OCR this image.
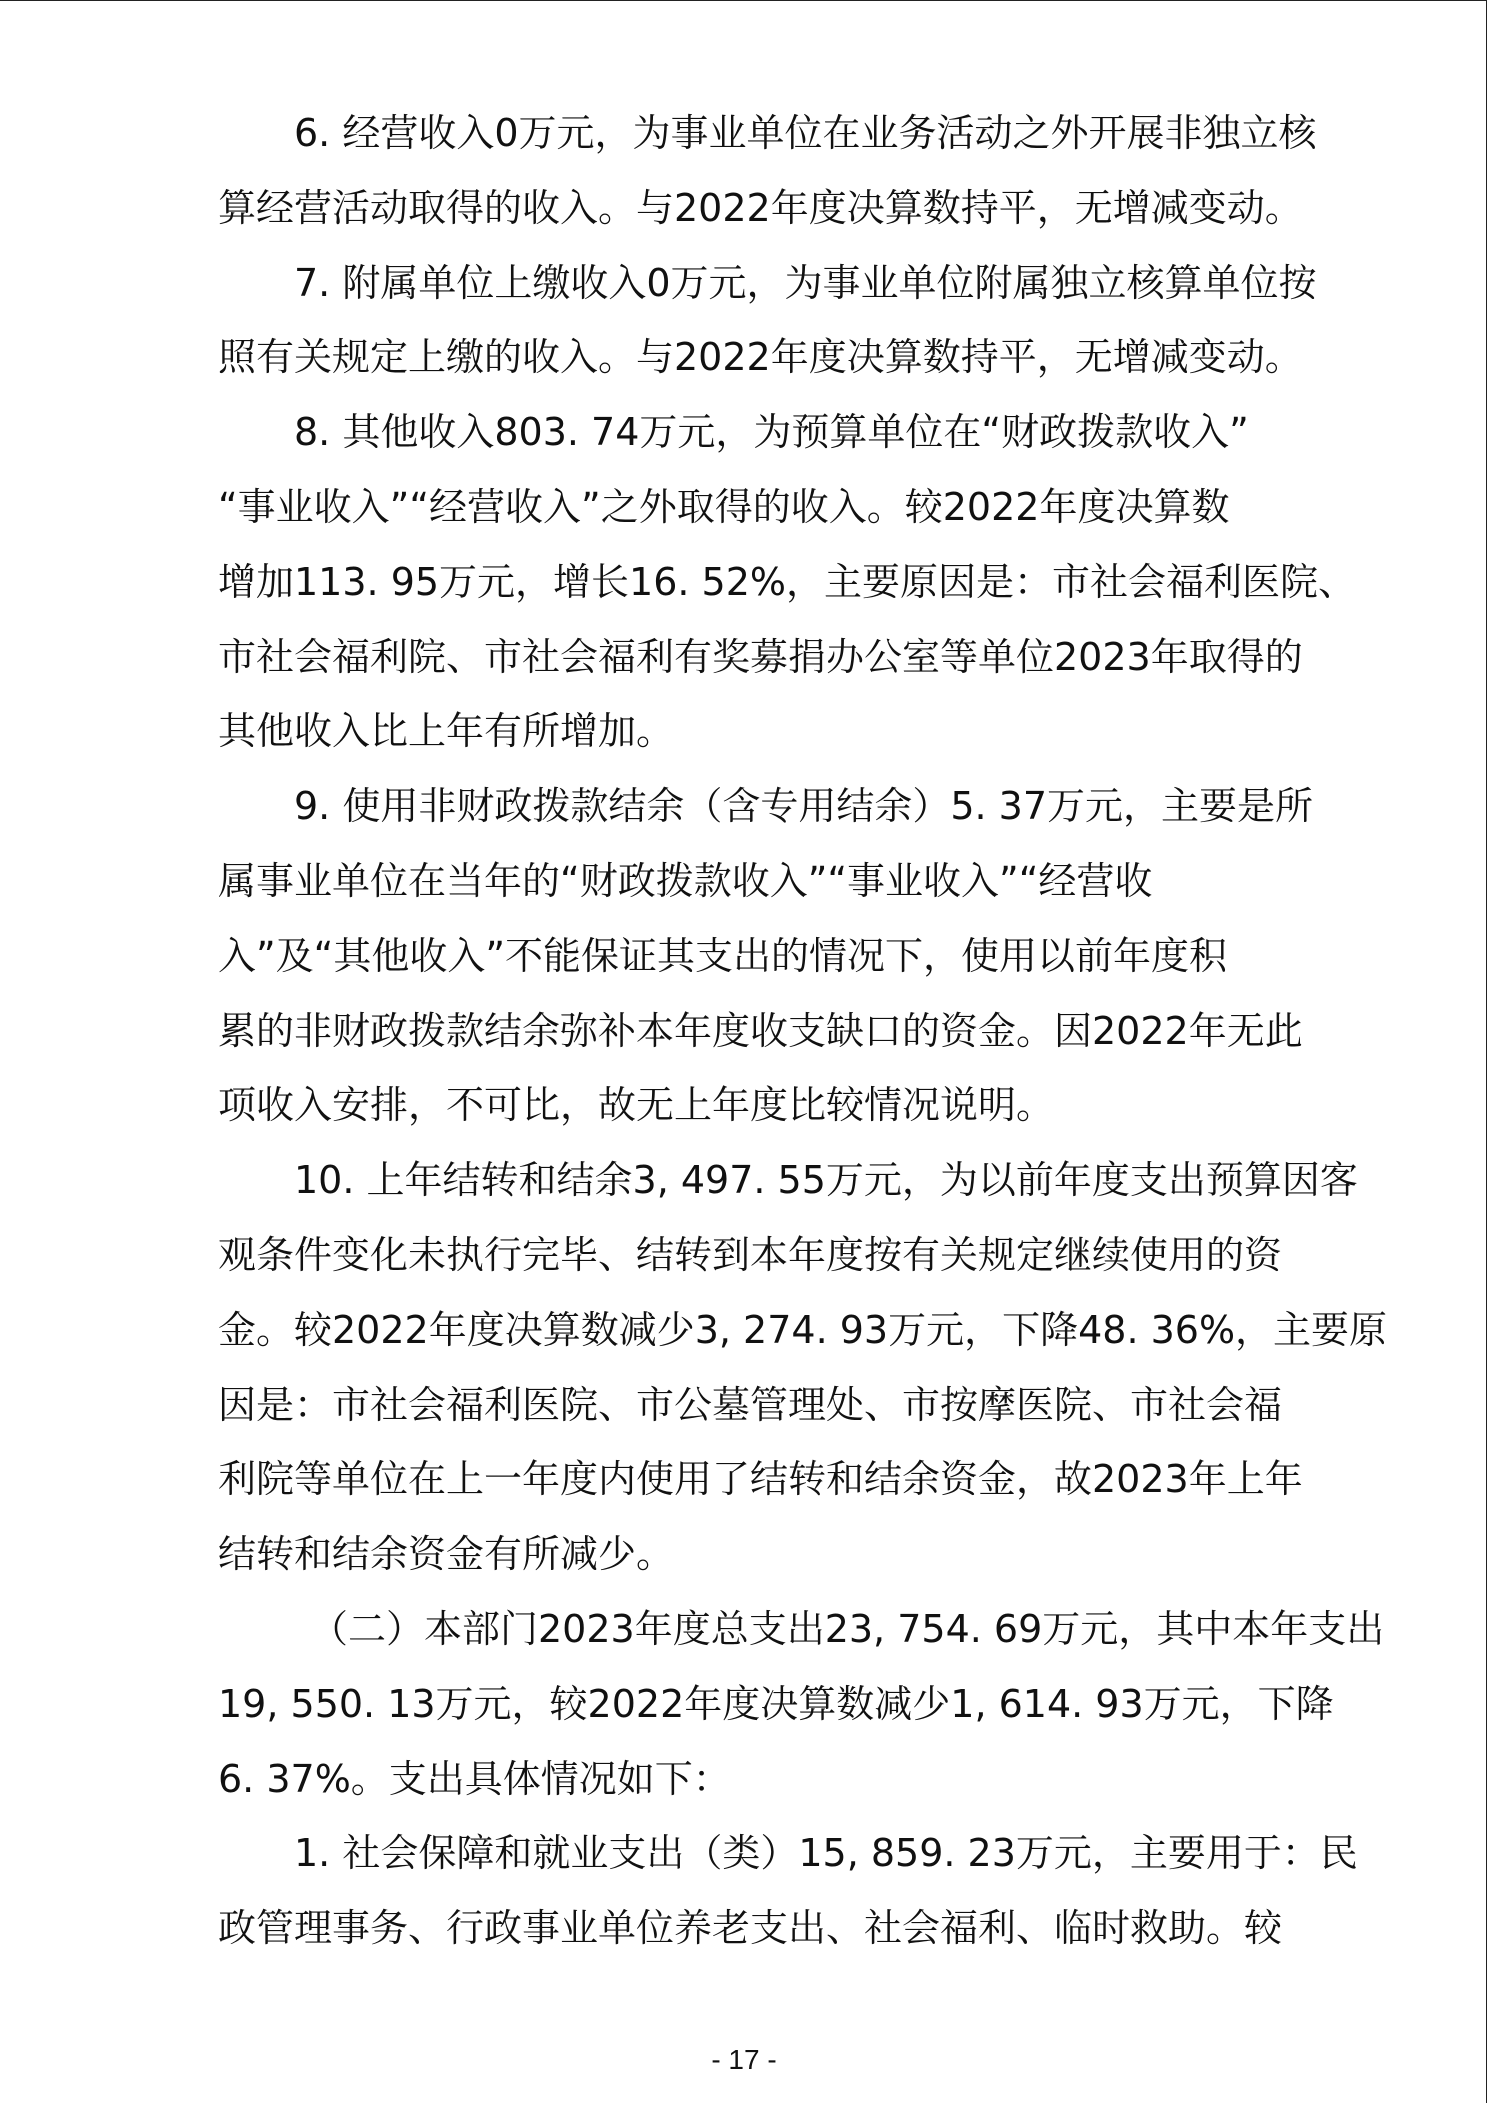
6. 经营收入0万元，为事业单位在业务活动之外开展非独立核
算经营活动取得的收入。与2022年度决算数持平，无增减变动。

7. 附属单位上缴收入0万元，为事业单位附属独立核算单位按
照有关规定上缴的收入。与2022年度决算数持平，无增减变动。

8. 其他收入803. 74万元，为预算单位在“财政拨款收入”
“事业收入”“经营收入”之外取得的收入。较2022年度决算数
增加113. 95万元，增长16. 52%，主要原因是：市社会福利医院、
市社会福利院、市社会福利有奖募捐办公室等单位2023年取得的
其他收入比上年有所增加。

9. 使用非财政拨款结余（含专用结余）5. 37万元，主要是所
属事业单位在当年的“财政拨款收入”“事业收入”“经营收
入”及“其他收入”不能保证其支出的情况下，使用以前年度积
累的非财政拨款结余弥补本年度收支缺口的资金。因2022年无此
项收入安排，不可比，故无上年度比较情况说明。

10. 上年结转和结余3, 497. 55万元，为以前年度支出预算因客
观条件变化未执行完毕、结转到本年度按有关规定继续使用的资
金。较2022年度决算数减少3, 274. 93万元，下降48. 36%，主要原
因是：市社会福利医院、市公墓管理处、市按摩医院、市社会福
利院等单位在上一年度内使用了结转和结余资金，故2023年上年
结转和结余资金有所减少。

（二）本部门2023年度总支出23, 754. 69万元，其中本年支出
19, 550. 13万元，较2022年度决算数减少1, 614. 93万元，下降
6. 37%。支出具体情况如下：

1. 社会保障和就业支出（类）15, 859. 23万元，主要用于：民
政管理事务、行政事业单位养老支出、社会福利、临时救助。较

- 17 -
